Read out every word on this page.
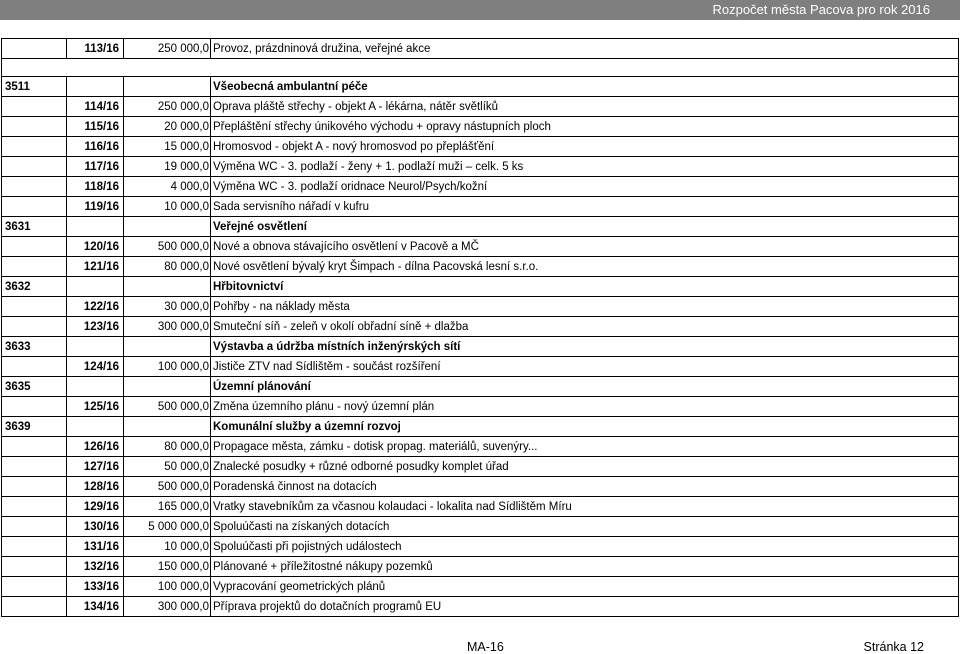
Rozpočet města Pacova pro rok 2016
	113/16	250 000,0	Provoz, prázdninová družina, veřejné akce

3511			Všeobecná ambulantní péče
	114/16	250 000,0	Oprava pláště střechy - objekt A - lékárna, nátěr světlíků
	115/16	20 000,0	Přepláštění střechy únikového východu + opravy nástupních ploch
	116/16	15 000,0	Hromosvod - objekt A - nový hromosvod po přeplášťění
	117/16	19 000,0	Výměna WC - 3. podlaží - ženy + 1. podlaží muži – celk. 5 ks
	118/16	4 000,0	Výměna WC - 3. podlaží oridnace Neurol/Psych/kožní
	119/16	10 000,0	Sada servisního nářadí v kufru
3631			Veřejné osvětlení
	120/16	500 000,0	Nové a obnova stávajícího osvětlení v Pacově a MČ
	121/16	80 000,0	Nové osvětlení bývalý kryt Šimpach - dílna Pacovská lesní s.r.o.
3632			Hřbitovnictví
	122/16	30 000,0	Pohřby - na náklady města
	123/16	300 000,0	Smuteční síň - zeleň v okolí obřadní síně + dlažba
3633			Výstavba a údržba místních inženýrských sítí
	124/16	100 000,0	Jističe ZTV nad Sídlištěm - součást rozšíření
3635			Územní plánování
	125/16	500 000,0	Změna územního plánu - nový územní plán
3639			Komunální služby a územní rozvoj
	126/16	80 000,0	Propagace města, zámku - dotisk propag. materiálů, suvenýry...
	127/16	50 000,0	Znalecké posudky + různé odborné posudky komplet úřad
	128/16	500 000,0	Poradenská činnost na dotacích
	129/16	165 000,0	Vratky stavebníkům za včasnou kolaudaci - lokalita nad Sídlištěm Míru
	130/16	5 000 000,0	Spoluúčasti na získaných dotacích
	131/16	10 000,0	Spoluúčasti při pojistných událostech
	132/16	150 000,0	Plánované + příležitostné nákupy pozemků
	133/16	100 000,0	Vypracování geometrických plánů
	134/16	300 000,0	Příprava projektů do dotačních programů EU
MA-16	Stránka 12
